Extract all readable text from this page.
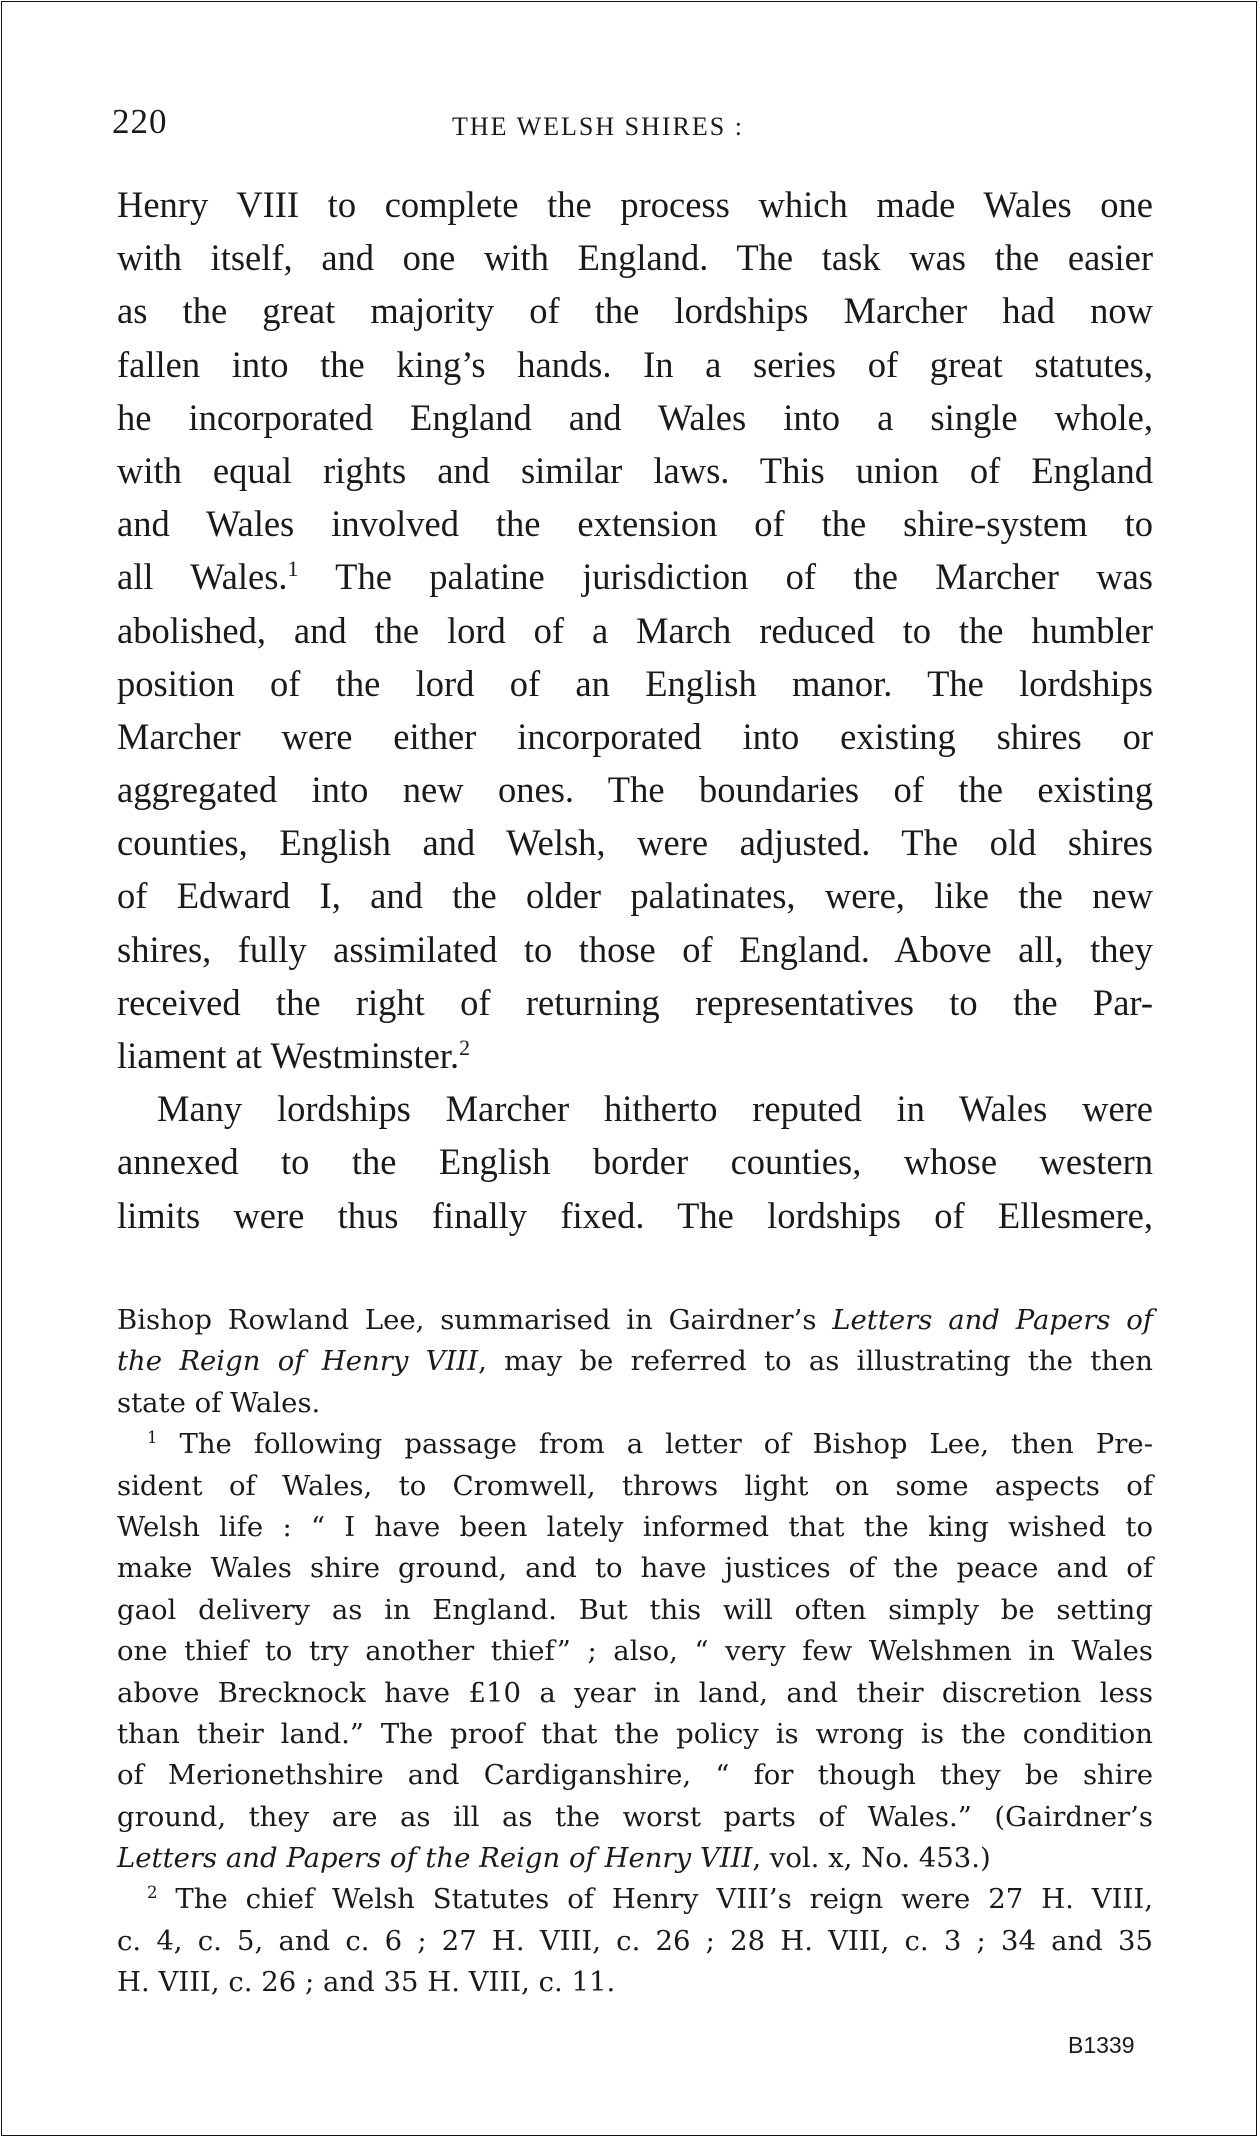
220	THE WELSH SHIRES :
Henry VIII to complete the process which made Wales one
with itself, and one with England. The task was the easier
as the great majority of the lordships Marcher had now
fallen into the king’s hands. In a series of great statutes,
he incorporated England and Wales into a single whole,
with equal rights and similar laws. This union of England
and Wales involved the extension of the shire-system to
all Wales.$^1$ The palatine jurisdiction of the Marcher was
abolished, and the lord of a March reduced to the humbler
position of the lord of an English manor. The lordships
Marcher were either incorporated into existing shires or
aggregated into new ones. The boundaries of the existing
counties, English and Welsh, were adjusted. The old shires
of Edward I, and the older palatinates, were, like the new
shires, fully assimilated to those of England. Above all, they
received the right of returning representatives to the Par-
liament at Westminster.$^2$
Many lordships Marcher hitherto reputed in Wales were
annexed to the English border counties, whose western
limits were thus finally fixed. The lordships of Ellesmere,
Bishop Rowland Lee, summarised in Gairdner’s Letters and Papers of
the Reign of Henry VIII, may be referred to as illustrating the then
state of Wales.
$^1$ The following passage from a letter of Bishop Lee, then Pre-
sident of Wales, to Cromwell, throws light on some aspects of
Welsh life : “ I have been lately informed that the king wished to
make Wales shire ground, and to have justices of the peace and of
gaol delivery as in England. But this will often simply be setting
one thief to try another thief” ; also, “ very few Welshmen in Wales
above Brecknock have £10 a year in land, and their discretion less
than their land.” The proof that the policy is wrong is the condition
of Merionethshire and Cardiganshire, “ for though they be shire
ground, they are as ill as the worst parts of Wales.” (Gairdner’s
Letters and Papers of the Reign of Henry VIII, vol. x, No. 453.)
$^2$ The chief Welsh Statutes of Henry VIII’s reign were 27 H. VIII,
c. 4, c. 5, and c. 6 ; 27 H. VIII, c. 26 ; 28 H. VIII, c. 3 ; 34 and 35
H. VIII, c. 26 ; and 35 H. VIII, c. 11.
B1339
